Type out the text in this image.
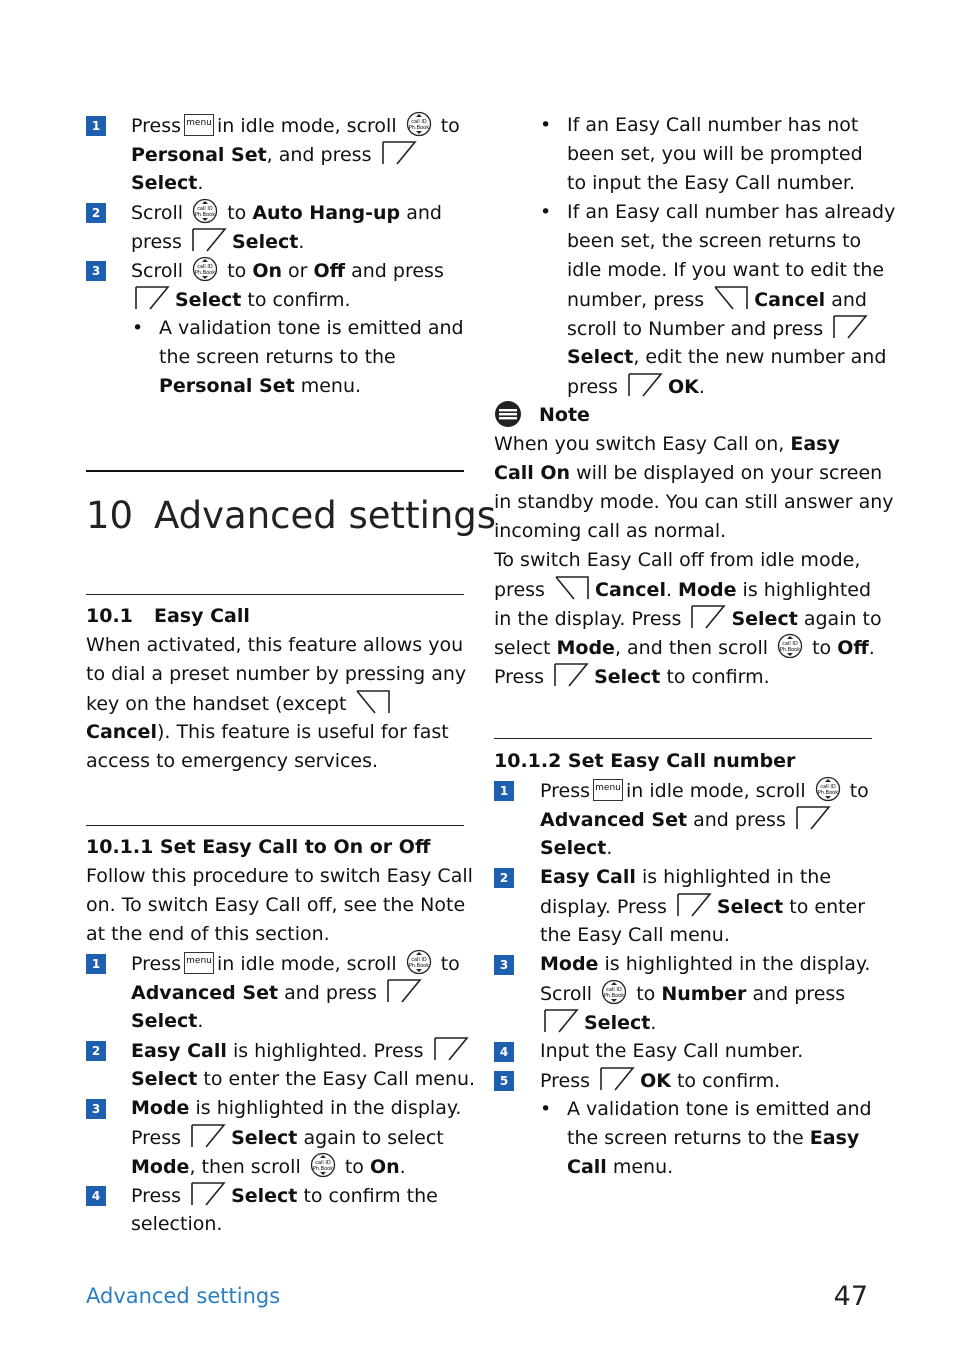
1	Press menu in idle mode, scroll to
Personal Set, and press
Select.
2	Scroll to Auto Hang-up and
press	Select.
3	Scroll to On or Off and press
Select to confirm.
• A validation tone is emitted and
the screen returns to the
Personal Set menu.
10 Advanced settings
10.1 Easy Call
When activated, this feature allows you
to dial a preset number by pressing any
key on the handset (except
Cancel). This feature is useful for fast
access to emergency services.
10.1.1 Set Easy Call to On or Off
Follow this procedure to switch Easy Call
on. To switch Easy Call off, see the Note
at the end of this section.
1	Press menu in idle mode, scroll to
Advanced Set and press
Select.
2	Easy Call is highlighted. Press
Select to enter the Easy Call menu.
3	Mode is highlighted in the display.
Press	Select again to select
Mode, then scroll to On.
4	Press	Select to confirm the
selection.
• If an Easy Call number has not
been set, you will be prompted
to input the Easy Call number.
• If an Easy call number has already
been set, the screen returns to
idle mode. If you want to edit the
number, press	Cancel and
scroll to Number and press
Select, edit the new number and
press	OK.
Note
When you switch Easy Call on, Easy
Call On will be displayed on your screen
in standby mode. You can still answer any
incoming call as normal.
To switch Easy Call off from idle mode,
press	Cancel. Mode is highlighted
in the display. Press	Select again to
select Mode, and then scroll to Off.
Press	Select to confirm.
10.1.2 Set Easy Call number
1	Press menu in idle mode, scroll to
Advanced Set and press
Select.
2	Easy Call is highlighted in the
display. Press	Select to enter
the Easy Call menu.
3	Mode is highlighted in the display.
Scroll to Number and press
Select.
4	Input the Easy Call number.
5	Press	OK to confirm.
• A validation tone is emitted and
the screen returns to the Easy
Call menu.
Advanced settings	47
